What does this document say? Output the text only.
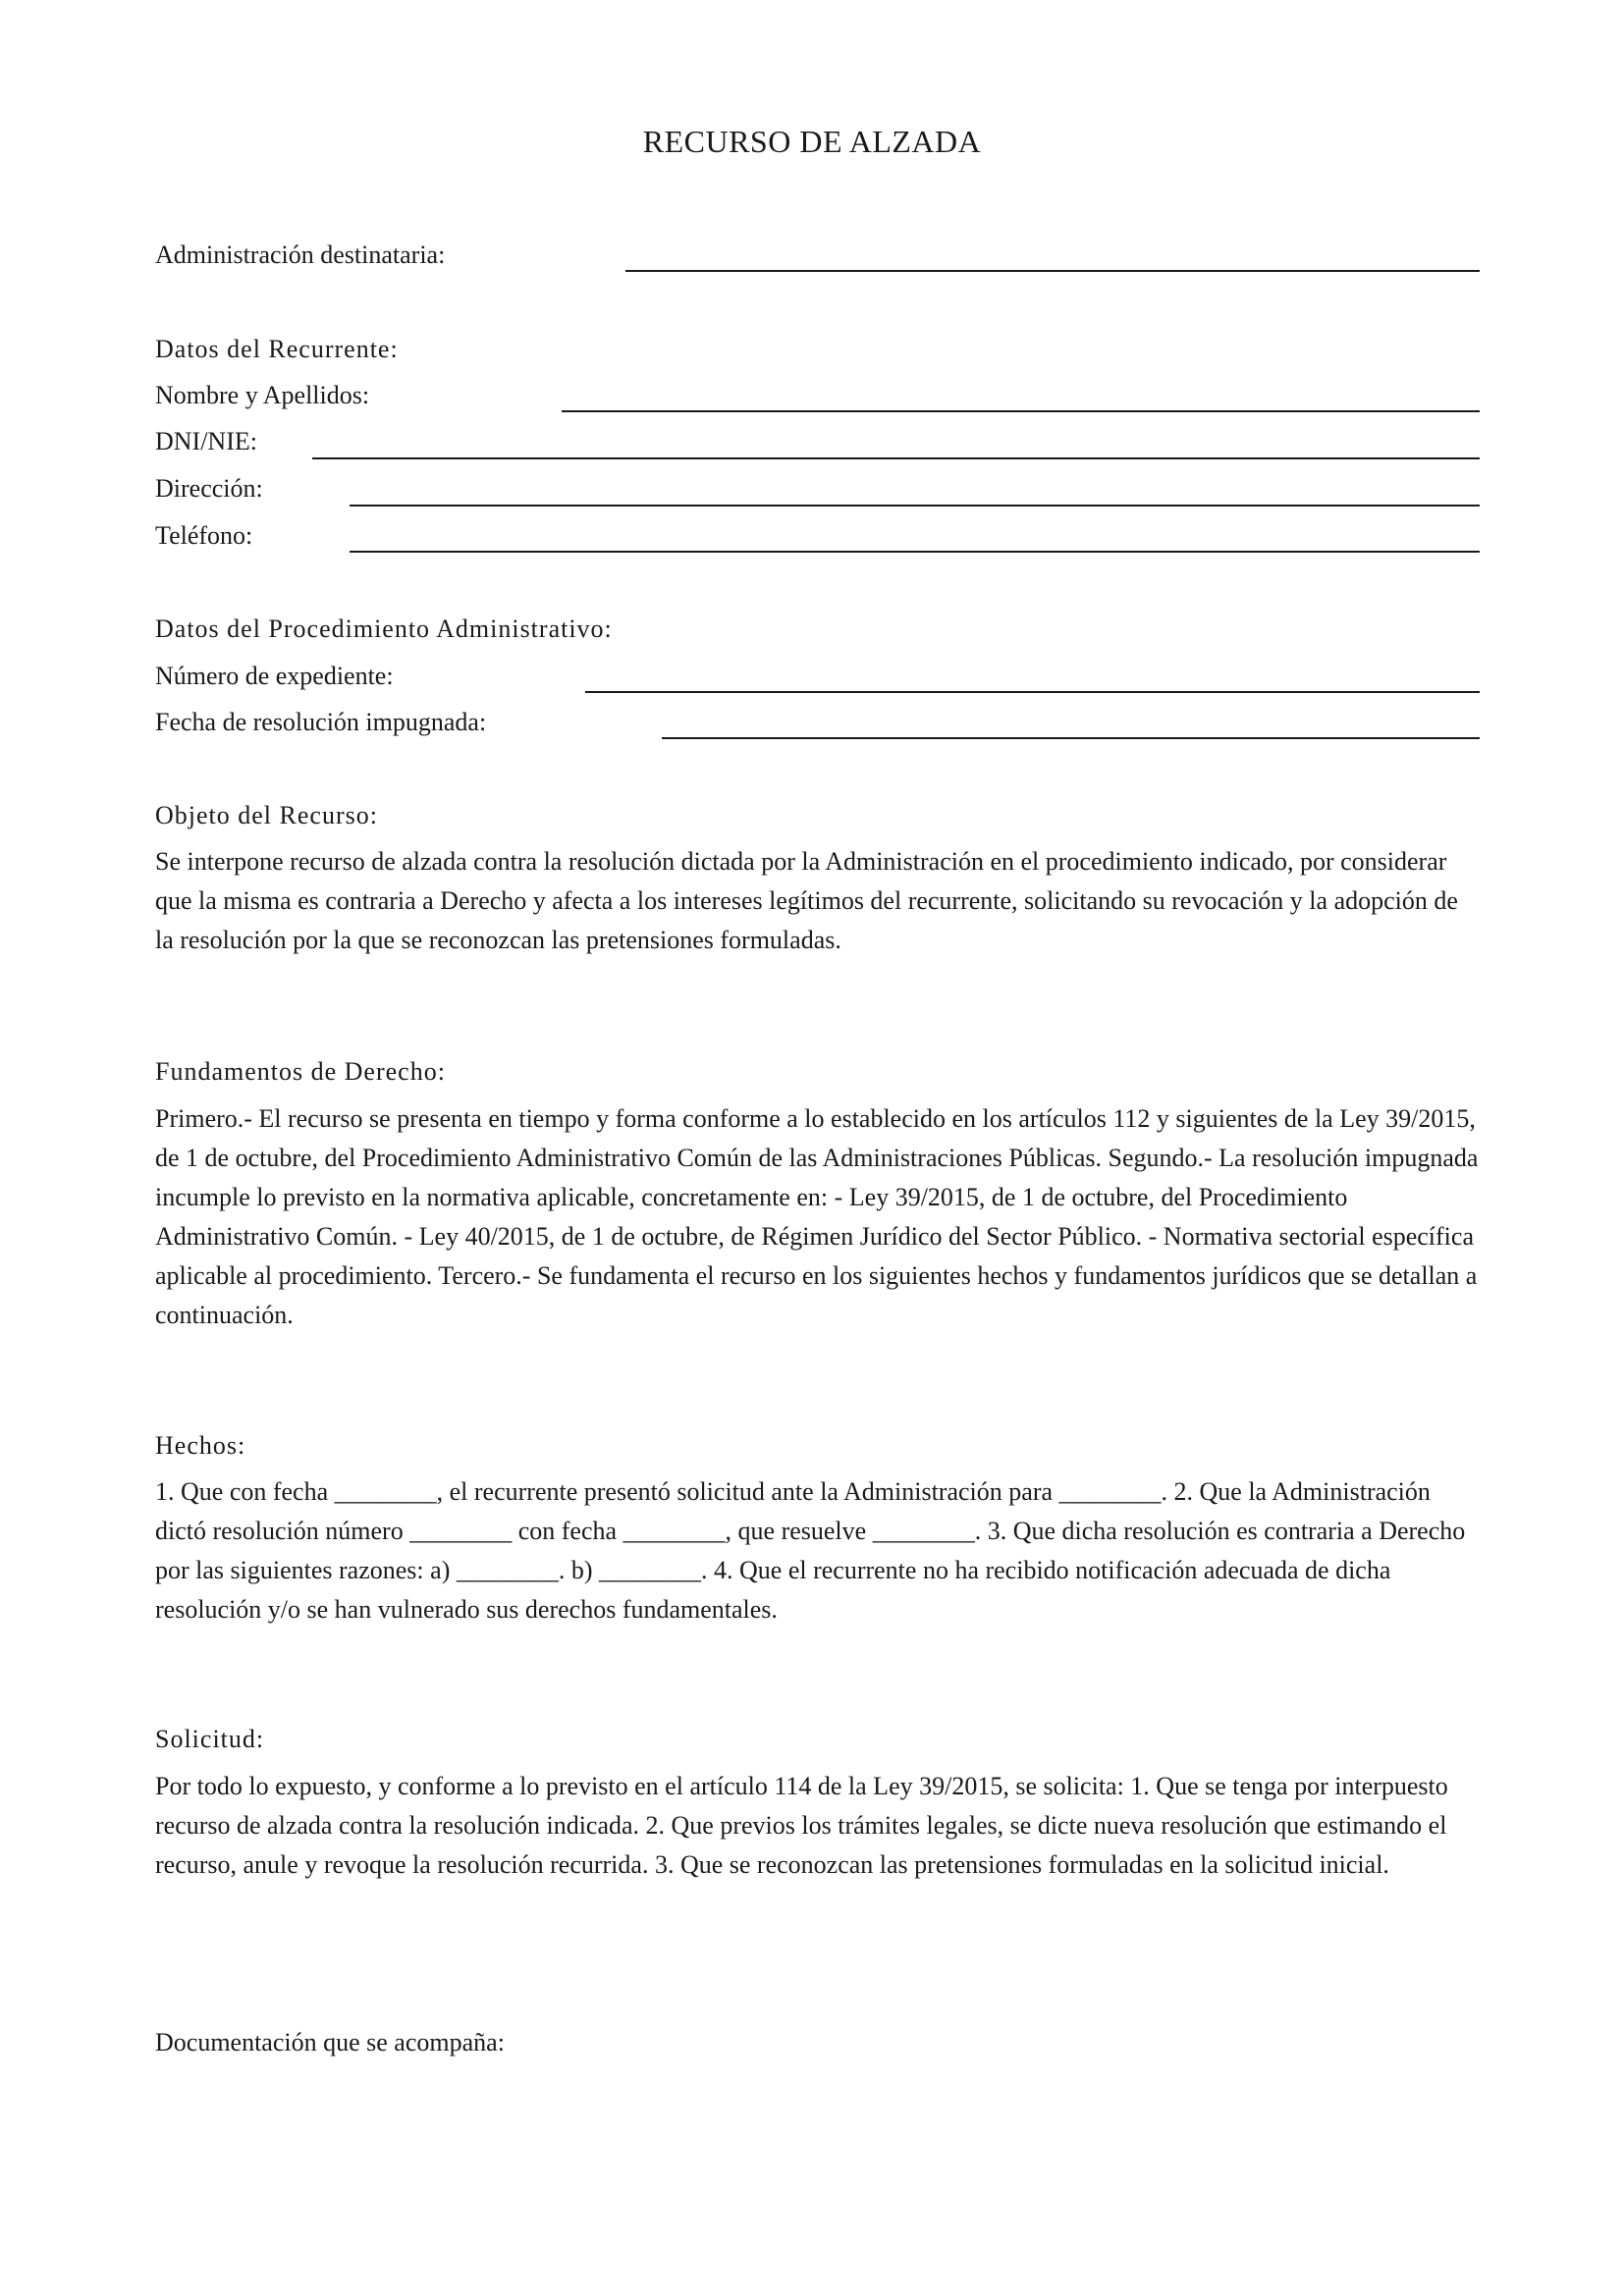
RECURSO DE ALZADA
Administración destinataria:
Datos del Recurrente:
Nombre y Apellidos:
DNI/NIE:
Dirección:
Teléfono:
Datos del Procedimiento Administrativo:
Número de expediente:
Fecha de resolución impugnada:
Objeto del Recurso:

Se interpone recurso de alzada contra la resolución dictada por la Administración en el procedimiento indicado, por considerar que la misma es contraria a Derecho y afecta a los intereses legítimos del recurrente, solicitando su revocación y la adopción de la resolución por la que se reconozcan las pretensiones formuladas.

Fundamentos de Derecho:

Primero.- El recurso se presenta en tiempo y forma conforme a lo establecido en los artículos 112 y siguientes de la Ley 39/2015, de 1 de octubre, del Procedimiento Administrativo Común de las Administraciones Públicas. Segundo.- La resolución impugnada incumple lo previsto en la normativa aplicable, concretamente en: - Ley 39/2015, de 1 de octubre, del Procedimiento Administrativo Común. - Ley 40/2015, de 1 de octubre, de Régimen Jurídico del Sector Público. - Normativa sectorial específica aplicable al procedimiento. Tercero.- Se fundamenta el recurso en los siguientes hechos y fundamentos jurídicos que se detallan a continuación.

Hechos:

1. Que con fecha ________, el recurrente presentó solicitud ante la Administración para ________. 2. Que la Administración dictó resolución número ________ con fecha ________, que resuelve ________. 3. Que dicha resolución es contraria a Derecho por las siguientes razones: a) ________. b) ________. 4. Que el recurrente no ha recibido notificación adecuada de dicha resolución y/o se han vulnerado sus derechos fundamentales.

Solicitud:

Por todo lo expuesto, y conforme a lo previsto en el artículo 114 de la Ley 39/2015, se solicita: 1. Que se tenga por interpuesto recurso de alzada contra la resolución indicada. 2. Que previos los trámites legales, se dicte nueva resolución que estimando el recurso, anule y revoque la resolución recurrida. 3. Que se reconozcan las pretensiones formuladas en la solicitud inicial.

Documentación que se acompaña:
